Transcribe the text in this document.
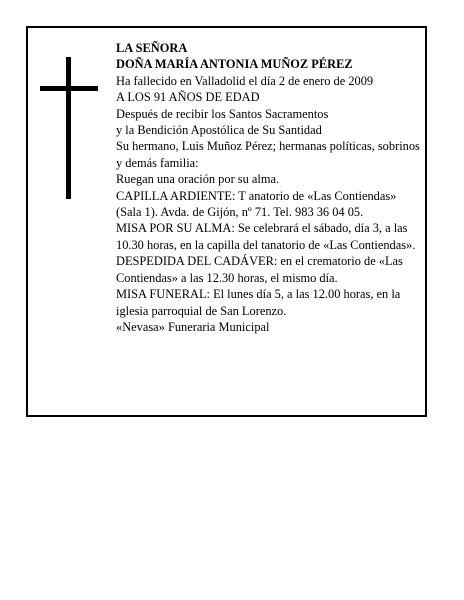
LA SEÑORA

DOÑA MARÍA ANTONIA MUÑOZ PÉREZ

Ha fallecido en Valladolid el día 2 de enero de 2009

A LOS 91 AÑOS DE EDAD

Después de recibir los Santos Sacramentos

y la Bendición Apostólica de Su Santidad

Su hermano, Luis Muñoz Pérez; hermanas políticas, sobrinos y demás familia:

Ruegan una oración por su alma.

CAPILLA ARDIENTE: T anatorio de «Las Contiendas» (Sala 1). Avda. de Gijón, nº 71. Tel. 983 36 04 05.

MISA POR SU ALMA: Se celebrará el sábado, día 3, a las 10.30 horas, en la capilla del tanatorio de «Las Contiendas».

DESPEDIDA DEL CADÁVER: en el crematorio de «Las Contiendas» a las 12.30 horas, el mismo día.

MISA FUNERAL: El lunes día 5, a las 12.00 horas, en la iglesia parroquial de San Lorenzo.

«Nevasa» Funeraria Municipal
